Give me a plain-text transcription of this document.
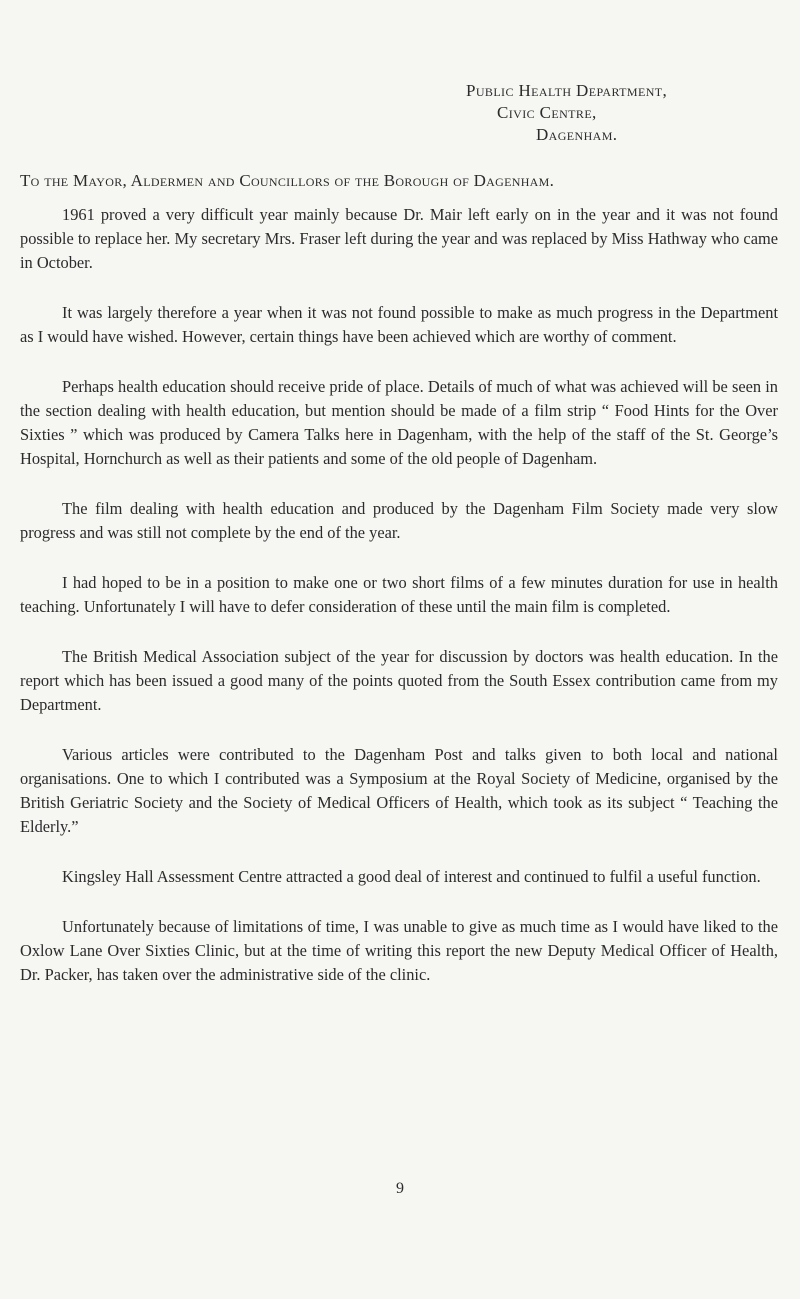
Public Health Department,
Civic Centre,
Dagenham.
To the Mayor, Aldermen and Councillors of the Borough of Dagenham.

1961 proved a very difficult year mainly because Dr. Mair left early on in the year and it was not found possible to replace her. My secretary Mrs. Fraser left during the year and was replaced by Miss Hathway who came in October.

It was largely therefore a year when it was not found possible to make as much progress in the Department as I would have wished. However, certain things have been achieved which are worthy of comment.

Perhaps health education should receive pride of place. Details of much of what was achieved will be seen in the section dealing with health education, but mention should be made of a film strip “ Food Hints for the Over Sixties ” which was produced by Camera Talks here in Dagenham, with the help of the staff of the St. George’s Hospital, Hornchurch as well as their patients and some of the old people of Dagenham.

The film dealing with health education and produced by the Dagenham Film Society made very slow progress and was still not complete by the end of the year.

I had hoped to be in a position to make one or two short films of a few minutes duration for use in health teaching. Unfortunately I will have to defer consideration of these until the main film is completed.

The British Medical Association subject of the year for discussion by doctors was health education. In the report which has been issued a good many of the points quoted from the South Essex contribution came from my Department.

Various articles were contributed to the Dagenham Post and talks given to both local and national organisations. One to which I contributed was a Symposium at the Royal Society of Medicine, organised by the British Geriatric Society and the Society of Medical Officers of Health, which took as its subject “ Teaching the Elderly.”

Kingsley Hall Assessment Centre attracted a good deal of interest and continued to fulfil a useful function.

Unfortunately because of limitations of time, I was unable to give as much time as I would have liked to the Oxlow Lane Over Sixties Clinic, but at the time of writing this report the new Deputy Medical Officer of Health, Dr. Packer, has taken over the administrative side of the clinic.

9
